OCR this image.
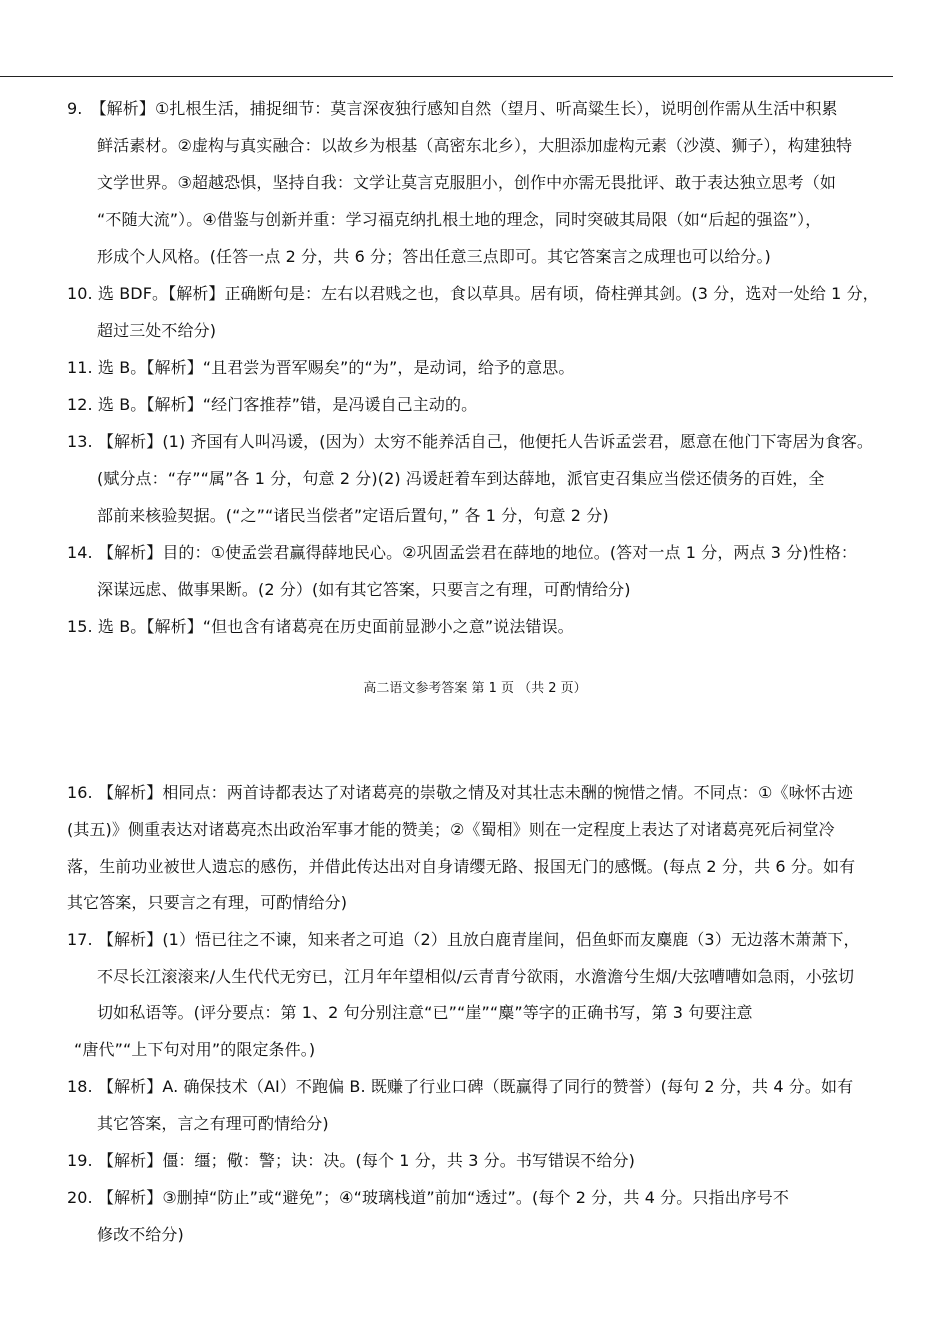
9.　【解析】①扎根生活，捕捉细节：莫言深夜独行感知自然（望月、听高粱生长），说明创作需从生活中积累
鲜活素材。②虚构与真实融合：以故乡为根基（高密东北乡），大胆添加虚构元素（沙漠、狮子），构建独特
文学世界。③超越恐惧，坚持自我：文学让莫言克服胆小，创作中亦需无畏批评、敢于表达独立思考（如
“不随大流”）。④借鉴与创新并重：学习福克纳扎根土地的理念，同时突破其局限（如“后起的强盗”），
形成个人风格。(任答一点 2 分，共 6 分；答出任意三点即可。其它答案言之成理也可以给分。)
10. 选 BDF。【解析】正确断句是：左右以君贱之也，食以草具。居有顷，倚柱弹其剑。(3 分，选对一处给 1 分，
超过三处不给分)
11. 选 B。【解析】“且君尝为晋军赐矣”的“为”，是动词，给予的意思。
12. 选 B。【解析】“经门客推荐”错，是冯谖自己主动的。
13. 【解析】(1) 齐国有人叫冯谖，(因为）太穷不能养活自己，他便托人告诉孟尝君，愿意在他门下寄居为食客。
(赋分点：“存”“属”各 1 分，句意 2 分)(2) 冯谖赶着车到达薛地，派官吏召集应当偿还债务的百姓，全
部前来核验契据。(“之”“诸民当偿者”定语后置句，” 各 1 分，句意 2 分)
14. 【解析】目的：①使孟尝君赢得薛地民心。②巩固孟尝君在薛地的地位。(答对一点 1 分，两点 3 分)性格：
深谋远虑、做事果断。(2 分）(如有其它答案，只要言之有理，可酌情给分)
15. 选 B。【解析】“但也含有诸葛亮在历史面前显渺小之意”说法错误。
高二语文参考答案 第 1 页 （共 2 页）
16. 【解析】相同点：两首诗都表达了对诸葛亮的崇敬之情及对其壮志未酬的惋惜之情。不同点：①《咏怀古迹
(其五)》侧重表达对诸葛亮杰出政治军事才能的赞美；②《蜀相》则在一定程度上表达了对诸葛亮死后祠堂冷
落，生前功业被世人遗忘的感伤，并借此传达出对自身请缨无路、报国无门的感慨。(每点 2 分，共 6 分。如有
其它答案，只要言之有理，可酌情给分)
17. 【解析】(1）悟已往之不谏，知来者之可追（2）且放白鹿青崖间，侣鱼虾而友麋鹿（3）无边落木萧萧下，
不尽长江滚滚来/人生代代无穷已，江月年年望相似/云青青兮欲雨，水澹澹兮生烟/大弦嘈嘈如急雨，小弦切
切如私语等。(评分要点：第 1、2 句分别注意“已”“崖”“麋”等字的正确书写，第 3 句要注意
“唐代”“上下句对用”的限定条件。)
18. 【解析】A. 确保技术（AI）不跑偏 B. 既赚了行业口碑（既赢得了同行的赞誉）(每句 2 分，共 4 分。如有
其它答案，言之有理可酌情给分)
19. 【解析】僵：缰；儆：警；诀：决。(每个 1 分，共 3 分。书写错误不给分)
20. 【解析】③删掉“防止”或“避免”；④“玻璃栈道”前加“透过”。(每个 2 分，共 4 分。只指出序号不
修改不给分)
